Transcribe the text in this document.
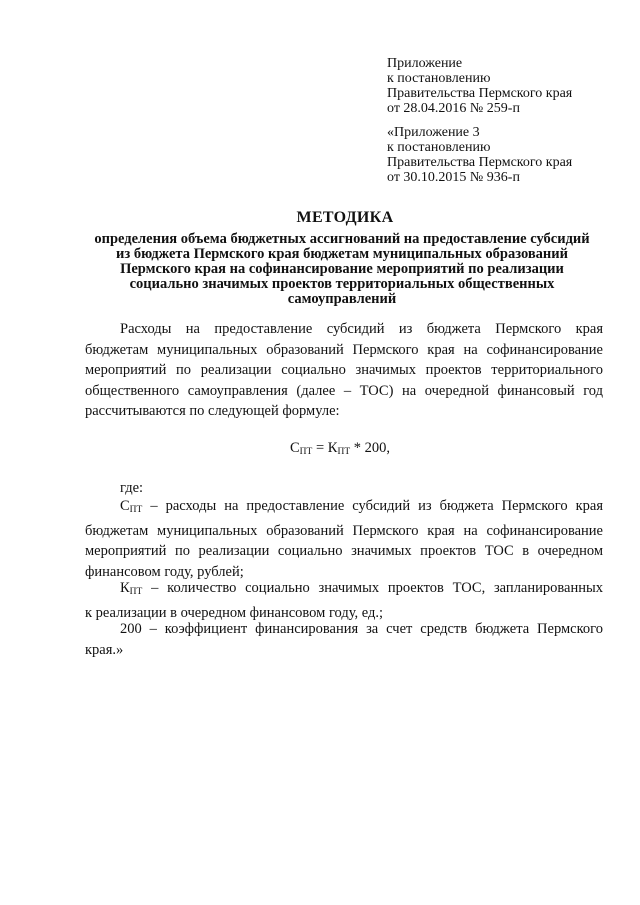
Приложение
к постановлению
Правительства Пермского края
от 28.04.2016 № 259-п
«Приложение 3
к постановлению
Правительства Пермского края
от 30.10.2015 № 936-п
МЕТОДИКА
определения объема бюджетных ассигнований на предоставление субсидий
из бюджета Пермского края бюджетам муниципальных образований
Пермского края на софинансирование мероприятий по реализации
социально значимых проектов территориальных общественных
самоуправлений
Расходы на предоставление субсидий из бюджета Пермского края
бюджетам муниципальных образований Пермского края на софинансирование
мероприятий по реализации социально значимых проектов территориального
общественного самоуправления (далее – ТОС) на очередной финансовый год
рассчитываются по следующей формуле:
$С_{ПТ} = К_{ПТ} * 200$,
где:
$С_{ПТ}$ – расходы на предоставление субсидий из бюджета Пермского края
бюджетам муниципальных образований Пермского края на софинансирование
мероприятий по реализации социально значимых проектов ТОС в очередном
финансовом году, рублей;
$К_{ПТ}$ – количество социально значимых проектов ТОС, запланированных
к реализации в очередном финансовом году, ед.;
200 – коэффициент финансирования за счет средств бюджета Пермского
края.»
